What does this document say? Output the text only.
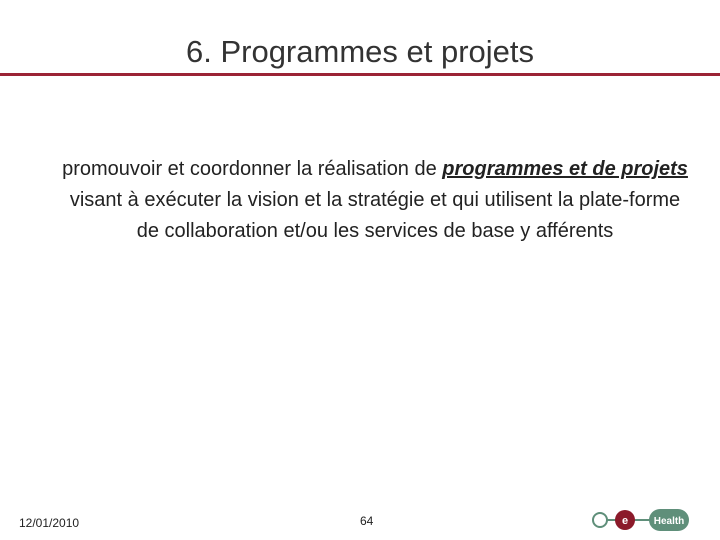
6. Programmes et projets

promouvoir et coordonner la réalisation de programmes et de projets visant à exécuter la vision et la stratégie et qui utilisent la plate-forme de collaboration et/ou les services de base y afférents

12/01/2010	64	e	Health
